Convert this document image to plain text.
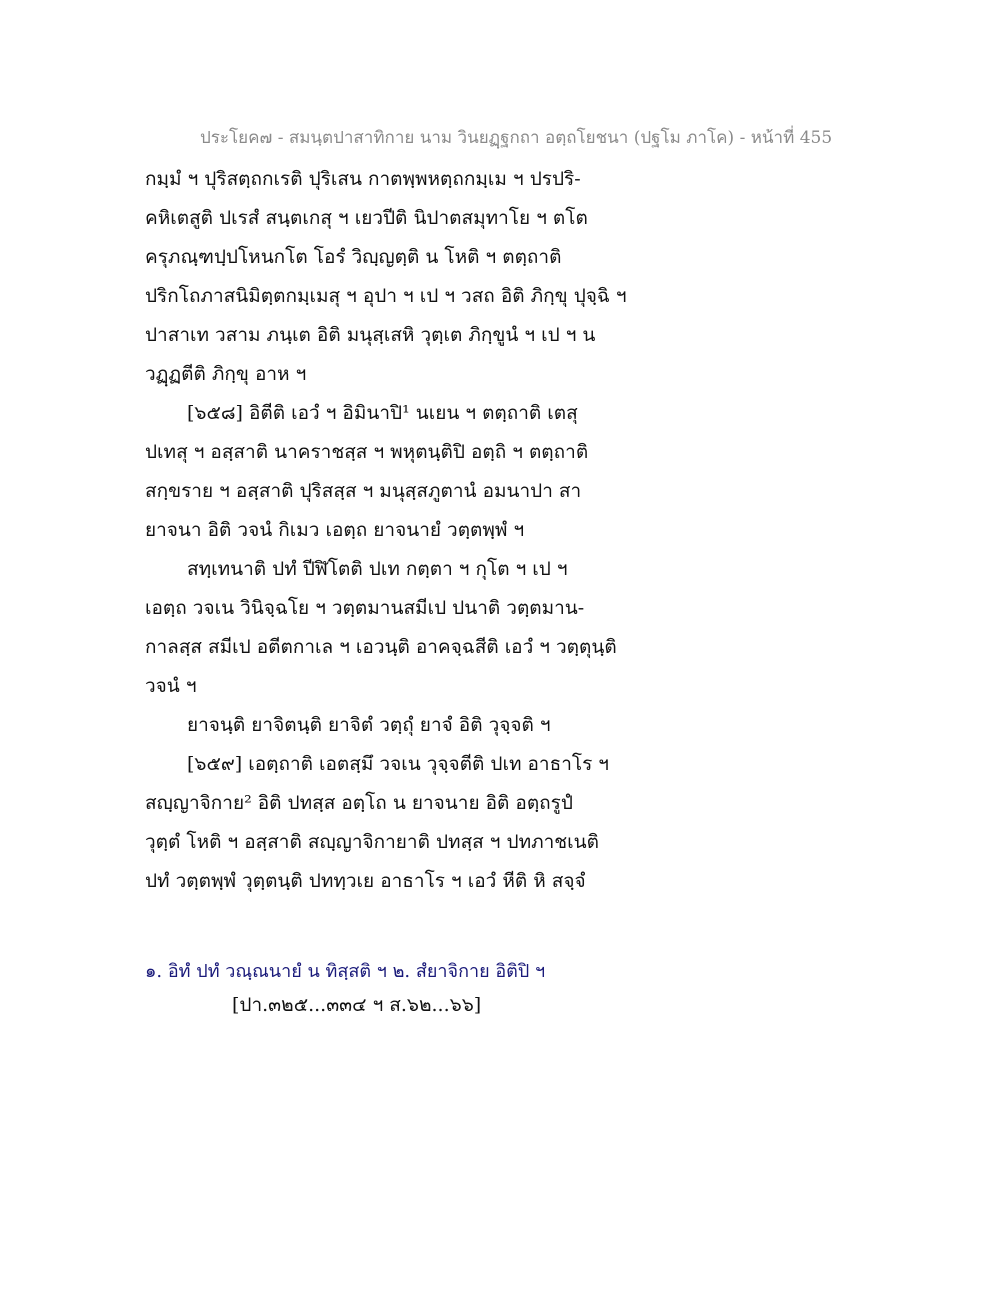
ประโยค๗ - สมนฺตปาสาทิกาย นาม วินยฏฺฐกถา อตฺถโยชนา (ปฐโม ภาโค) - หน้าที่ 455
กมฺมํ ฯ ปุริสตฺถกเรติ ปุริเสน กาตพฺพหตฺถกมฺเม ฯ ปรปริ-
คหิเตสูติ ปเรสํ สนฺตเกสุ ฯ เยวปีติ นิปาตสมุทาโย ฯ ตโต
ครุภณฺฑปฺปโหนกโต โอรํ วิญฺญตฺติ น โหติ ฯ ตตฺถาติ
ปริกโถภาสนิมิตฺตกมฺเมสุ ฯ อุปา ฯ เป ฯ วสถ อิติ ภิกฺขุ ปุจฺฉิ ฯ
ปาสาเท วสาม ภนฺเต อิติ มนุสฺเสหิ วุตฺเต ภิกฺขูนํ ฯ เป ฯ น
วฏฺฏตีติ ภิกฺขุ อาห ฯ
[๖๕๘] อิตีติ เอวํ ฯ อิมินาปิ¹ นเยน ฯ ตตฺถาติ เตสุ
ปเทสุ ฯ อสฺสาติ นาคราชสฺส ฯ พหุตนฺติปิ อตฺถิ ฯ ตตฺถาติ
สกฺขราย ฯ อสฺสาติ ปุริสสฺส ฯ มนุสฺสภูตานํ อมนาปา สา
ยาจนา อิติ วจนํ กิเมว เอตฺถ ยาจนายํ วตฺตพฺพํ ฯ
สทฺเทนาติ ปทํ ปีฬิโตติ ปเท กตฺตา ฯ กุโต ฯ เป ฯ
เอตฺถ วจเน วินิจฺฉโย ฯ วตฺตมานสมีเป ปนาติ วตฺตมาน-
กาลสฺส สมีเป อตีตกาเล ฯ เอวนฺติ อาคจฺฉสีติ เอวํ ฯ วตฺตุนฺติ
วจนํ ฯ
ยาจนฺติ ยาจิตนฺติ ยาจิตํ วตฺถุํ ยาจํ อิติ วุจฺจติ ฯ
[๖๕๙] เอตฺถาติ เอตสฺมึ วจเน วุจฺจตีติ ปเท อาธาโร ฯ
สญฺญาจิกาย² อิติ ปทสฺส อตฺโถ น ยาจนาย อิติ อตฺถรูปํ
วุตฺตํ โหติ ฯ อสฺสาติ สญฺญาจิกายาติ ปทสฺส ฯ ปทภาชเนติ
ปทํ วตฺตพฺพํ วุตฺตนฺติ ปททฺวเย อาธาโร ฯ เอวํ หีติ หิ สจฺจํ
๑. อิทํ ปทํ วณฺณนายํ น ทิสฺสติ ฯ ๒. สํยาจิกาย อิติปิ ฯ
[ปา.๓๒๕...๓๓๔ ฯ ส.๖๒...๖๖]
